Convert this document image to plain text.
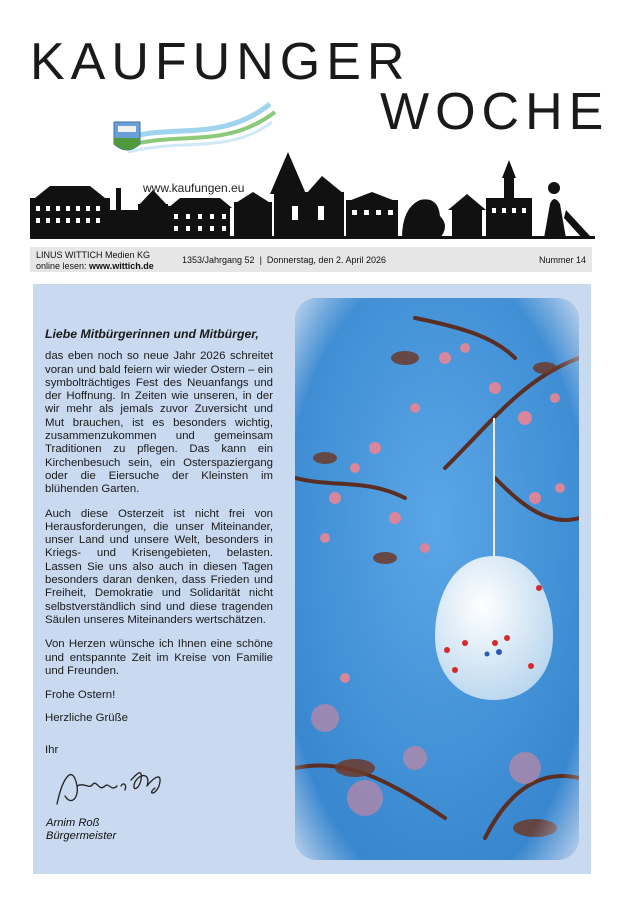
KAUFUNGER
WOCHE
www.kaufungen.eu
LINUS WITTICH Medien KG
online lesen: www.wittich.de
1353/Jahrgang 52  |  Donnerstag, den 2. April 2026	Nummer 14

Liebe Mitbürgerinnen und Mitbürger,

das eben noch so neue Jahr 2026 schreitet voran und bald feiern wir wieder Ostern – ein symbolträchtiges Fest des Neuanfangs und der Hoffnung. In Zeiten wie unseren, in der wir mehr als jemals zuvor Zuversicht und Mut brauchen, ist es besonders wichtig, zusammenzukommen und gemeinsam Traditionen zu pflegen. Das kann ein Kirchenbesuch sein, ein Osterspaziergang oder die Eiersuche der Kleinsten im blühenden Garten.

Auch diese Osterzeit ist nicht frei von Herausforderungen, die unser Miteinander, unser Land und unsere Welt, besonders in Kriegs- und Krisengebieten, belasten. Lassen Sie uns also auch in diesen Tagen besonders daran denken, dass Frieden und Freiheit, Demokratie und Solidarität nicht selbstverständlich sind und diese tragenden Säulen unseres Miteinanders wertschätzen.

Von Herzen wünsche ich Ihnen eine schöne und entspannte Zeit im Kreise von Familie und Freunden.

Frohe Ostern!

Herzliche Grüße

Ihr

Arnim Roß
Bürgermeister
